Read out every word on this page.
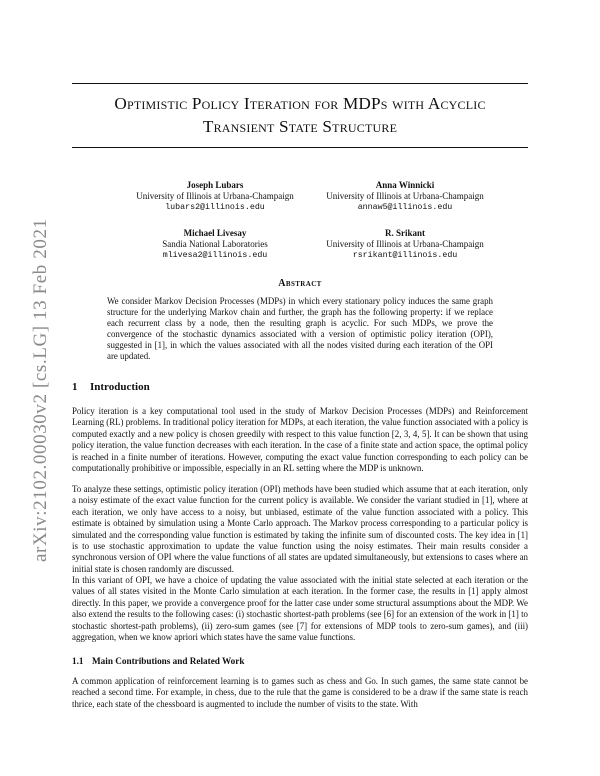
arXiv:2102.00030v2 [cs.LG] 13 Feb 2021
Optimistic Policy Iteration for MDPs with Acyclic
Transient State Structure
Joseph Lubars
University of Illinois at Urbana-Champaign
lubars2@illinois.edu
Anna Winnicki
University of Illinois at Urbana-Champaign
annaw5@illinois.edu
Michael Livesay
Sandia National Laboratories
mlivesa2@illinois.edu
R. Srikant
University of Illinois at Urbana-Champaign
rsrikant@illinois.edu
Abstract

We consider Markov Decision Processes (MDPs) in which every stationary policy induces the same graph structure for the underlying Markov chain and further, the graph has the following property: if we replace each recurrent class by a node, then the resulting graph is acyclic. For such MDPs, we prove the convergence of the stochastic dynamics associated with a version of optimistic policy iteration (OPI), suggested in [1], in which the values associated with all the nodes visited during each iteration of the OPI are updated.

1 Introduction

Policy iteration is a key computational tool used in the study of Markov Decision Processes (MDPs) and Reinforcement Learning (RL) problems. In traditional policy iteration for MDPs, at each iteration, the value function associated with a policy is computed exactly and a new policy is chosen greedily with respect to this value function [2, 3, 4, 5]. It can be shown that using policy iteration, the value function decreases with each iteration. In the case of a finite state and action space, the optimal policy is reached in a finite number of iterations. However, computing the exact value function corresponding to each policy can be computationally prohibitive or impossible, especially in an RL setting where the MDP is unknown.

To analyze these settings, optimistic policy iteration (OPI) methods have been studied which assume that at each iteration, only a noisy estimate of the exact value function for the current policy is available. We consider the variant studied in [1], where at each iteration, we only have access to a noisy, but unbiased, estimate of the value function associated with a policy. This estimate is obtained by simulation using a Monte Carlo approach. The Markov process corresponding to a particular policy is simulated and the corresponding value function is estimated by taking the infinite sum of discounted costs. The key idea in [1] is to use stochastic approximation to update the value function using the noisy estimates. Their main results consider a synchronous version of OPI where the value functions of all states are updated simultaneously, but extensions to cases where an initial state is chosen randomly are discussed.

In this variant of OPI, we have a choice of updating the value associated with the initial state selected at each iteration or the values of all states visited in the Monte Carlo simulation at each iteration. In the former case, the results in [1] apply almost directly. In this paper, we provide a convergence proof for the latter case under some structural assumptions about the MDP. We also extend the results to the following cases: (i) stochastic shortest-path problems (see [6] for an extension of the work in [1] to stochastic shortest-path problems), (ii) zero-sum games (see [7] for extensions of MDP tools to zero-sum games), and (iii) aggregation, when we know apriori which states have the same value functions.

1.1 Main Contributions and Related Work

A common application of reinforcement learning is to games such as chess and Go. In such games, the same state cannot be reached a second time. For example, in chess, due to the rule that the game is considered to be a draw if the same state is reach thrice, each state of the chessboard is augmented to include the number of visits to the state. With
